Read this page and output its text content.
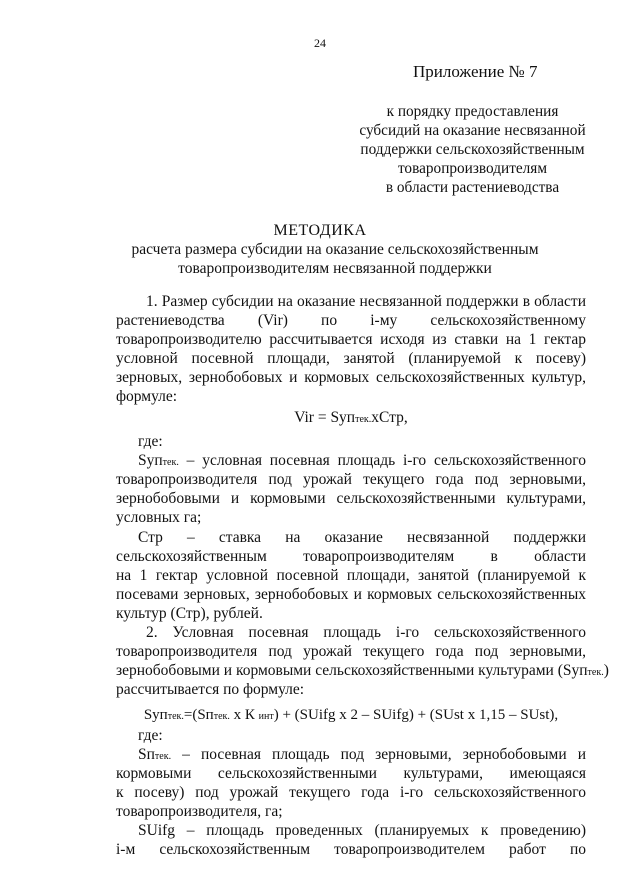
24
Приложение № 7
к порядку предоставления
субсидий на оказание несвязанной
поддержки сельскохозяйственным
товаропроизводителям
в области растениеводства
МЕТОДИКА
расчета размера субсидии на оказание сельскохозяйственным
товаропроизводителям несвязанной поддержки
1. Размер субсидии на оказание несвязанной поддержки в области
растениеводства (Vir) по i-му сельскохозяйственному
товаропроизводителю рассчитывается исходя из ставки на 1 гектар
условной посевной площади, занятой (планируемой к посеву)
зерновых, зернобобовых и кормовых сельскохозяйственных культур,
формуле:
Vir = Sуптек.хСтр,
где:
Sуптек. – условная посевная площадь i-го сельскохозяйственного
товаропроизводителя под урожай текущего года под зерновыми,
зернобобовыми и кормовыми сельскохозяйственными культурами,
условных га;
Стр – ставка на оказание несвязанной поддержки
сельскохозяйственным товаропроизводителям в области
на 1 гектар условной посевной площади, занятой (планируемой к
посевами зерновых, зернобобовых и кормовых сельскохозяйственных
культур (Стр), рублей.
2. Условная посевная площадь i-го сельскохозяйственного
товаропроизводителя под урожай текущего года под зерновыми,
зернобобовыми и кормовыми сельскохозяйственными культурами (Sуптек.)
рассчитывается по формуле:
Sуптек.=(Sптек. х К инт) + (SUifg х 2 – SUifg) + (SUst х 1,15 – SUst),
где:
Sптек. – посевная площадь под зерновыми, зернобобовыми и
кормовыми сельскохозяйственными культурами, имеющаяся
к посеву) под урожай текущего года i-го сельскохозяйственного
товаропроизводителя, га;
SUifg – площадь проведенных (планируемых к проведению)
i-м сельскохозяйственным товаропроизводителем работ по
